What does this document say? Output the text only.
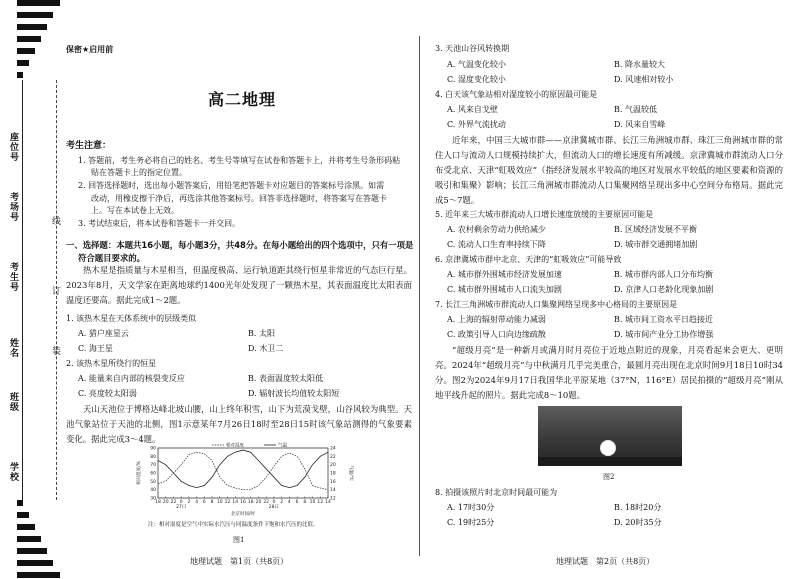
座位号
考场号
考生号
姓名
班级
学校
线
订
装
保密★启用前
高二地理
考生注意：
1. 答题前，考生务必将自己的姓名、考生号等填写在试卷和答题卡上，并将考生号条形码粘
贴在答题卡上的指定位置。
2. 回答选择题时，选出每小题答案后，用铅笔把答题卡对应题目的答案标号涂黑。如需
改动，用橡皮擦干净后，再选涂其他答案标号。回答非选择题时，将答案写在答题卡
上。写在本试卷上无效。
3. 考试结束后，将本试卷和答题卡一并交回。
一、选择题：本题共16小题，每小题3分，共48分。在每小题给出的四个选项中，只有一项是
符合题目要求的。
热木星是指质量与木星相当，但温度极高、运行轨道距其绕行恒星非常近的气态巨行星。2023年8月，天文学家在距离地球约1400光年处发现了一颗热木星，其表面温度比太阳表面温度还要高。据此完成1～2题。
1. 该热木星在天体系统中的层级类似
A. 猎户座星云	B. 太阳
C. 海王星	D. 木卫二
2. 该热木星所绕行的恒星
A. 能量来自内部的核裂变反应	B. 表面温度较太阳低
C. 亮度较太阳弱	D. 辐射波长均值较太阳短
天山天池位于博格达峰北坡山腰，山上终年积雪，山下为荒漠戈壁，山谷风较为典型。天池气象站位于天池的北侧，图1示意某年7月26日18时至28日15时该气象站测得的气象要素变化。据此完成3～4题。
相对湿度	气温
30
40
50
60
70
80
90
12
14
16
18
20
22
24
18 20 22 0 2 4 6 8 10 12 14 16 18 20 22 0 2 4 6 8 10 12 14
27日	28日
北京时间/时
相对湿度/%	气温/℃
注：相对湿度是空气中实际水汽压与同温度条件下饱和水汽压的比值。
图1
地理试题　第1页（共8页）
3. 天池山谷风转换期
A. 气温变化较小	B. 降水量较大
C. 湿度变化较小	D. 风速相对较小
4. 白天该气象站相对湿度较小的原因最可能是
A. 风来自戈壁	B. 气温较低
C. 外界气流扰动	D. 风来自雪峰
近年来，中国三大城市群——京津冀城市群、长江三角洲城市群、珠江三角洲城市群的常住人口与流动人口规模持续扩大，但流动人口的增长速度有所减缓。京津冀城市群流动人口分布受北京、天津“虹吸效应”（指经济发展水平较高的地区对发展水平较低的地区要素和资源的吸引和集聚）影响；长江三角洲城市群流动人口集聚网络呈现出多中心空间分布格局。据此完成5～7题。
5. 近年来三大城市群流动人口增长速度放缓的主要原因可能是
A. 农村剩余劳动力供给减少	B. 区域经济发展不平衡
C. 流动人口生育率持续下降	D. 城市群交通拥堵加剧
6. 京津冀城市群中北京、天津的“虹吸效应”可能导致
A. 城市群外围城市经济发展加速	B. 城市群内部人口分布均衡
C. 城市群外围城市人口流失加剧	D. 京津人口老龄化现象加剧
7. 长江三角洲城市群流动人口集聚网络呈现多中心格局的主要原因是
A. 上海的辐射带动能力减弱	B. 城市间工资水平日趋接近
C. 政策引导人口向边缘疏散	D. 城市间产业分工协作增强
“超级月亮”是一种新月或满月时月亮位于近地点附近的现象，月亮看起来会更大、更明亮。2024年“超级月亮”与中秋满月几乎完美重合，最圆月亮出现在北京时间9月18日10时34分。图2为2024年9月17日我国华北平原某地（37°N，116°E）居民拍摄的“超级月亮”刚从地平线升起的照片。据此完成8～10题。
图2
8. 拍摄该照片时北京时间最可能为
A. 17时30分	B. 18时20分
C. 19时25分	D. 20时35分
地理试题　第2页（共8页）
